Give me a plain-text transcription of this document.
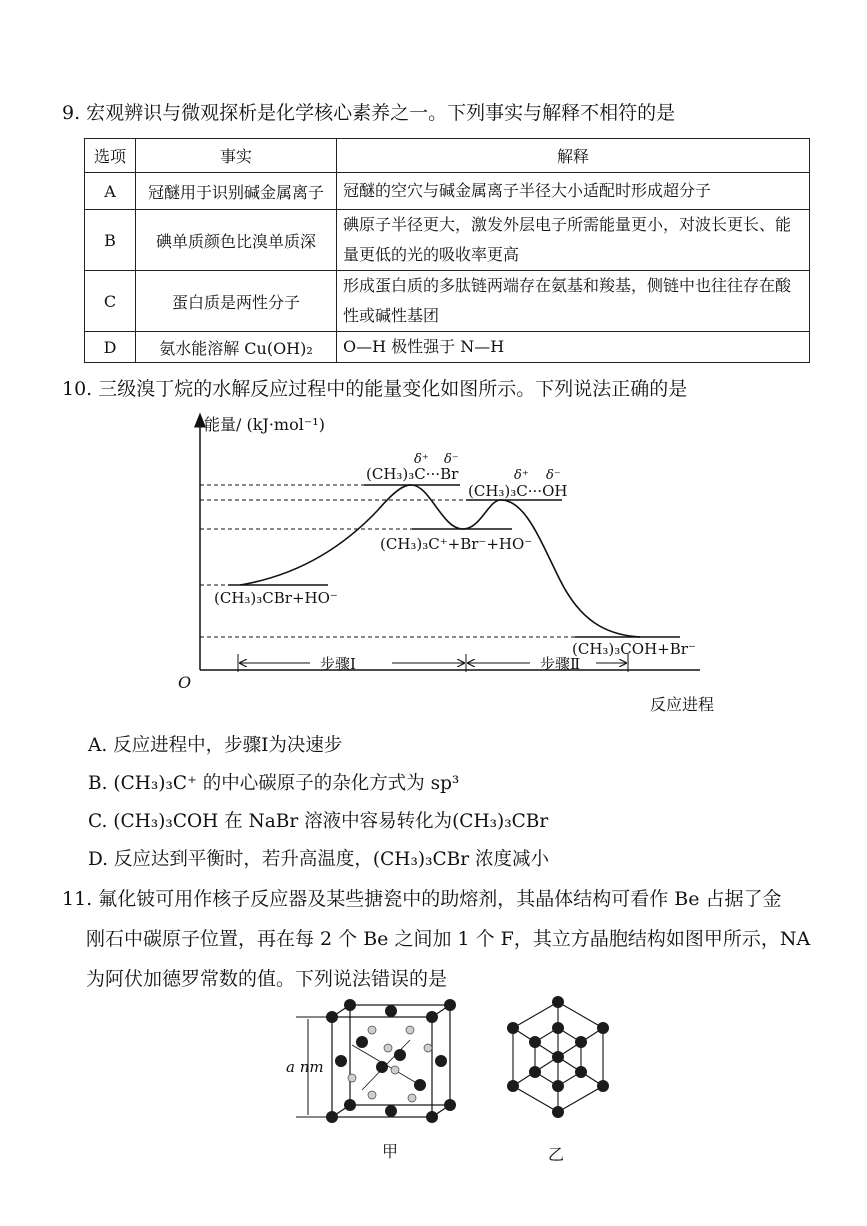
9. 宏观辨识与微观探析是化学核心素养之一。下列事实与解释不相符的是
选项	事实	解释
A	冠醚用于识别碱金属离子	冠醚的空穴与碱金属离子半径大小适配时形成超分子
B	碘单质颜色比溴单质深	碘原子半径更大，激发外层电子所需能量更小，对波长更长、能量更低的光的吸收率更高
C	蛋白质是两性分子	形成蛋白质的多肽链两端存在氨基和羧基，侧链中也往往存在酸性或碱性基团
D	氨水能溶解 Cu(OH)₂	O—H 极性强于 N—H
10. 三级溴丁烷的水解反应过程中的能量变化如图所示。下列说法正确的是
能量/ (kJ·mol⁻¹)
O
反应进程
(CH₃)₃C···Br
δ⁺ δ⁻
(CH₃)₃C···OH
δ⁺ δ⁻
(CH₃)₃C⁺+Br⁻+HO⁻
(CH₃)₃CBr+HO⁻
(CH₃)₃COH+Br⁻
步骤Ⅰ	步骤Ⅱ
A. 反应进程中，步骤Ⅰ为决速步
B. (CH₃)₃C⁺ 的中心碳原子的杂化方式为 sp³
C. (CH₃)₃COH 在 NaBr 溶液中容易转化为(CH₃)₃CBr
D. 反应达到平衡时，若升高温度，(CH₃)₃CBr 浓度减小
11. 氟化铍可用作核子反应器及某些搪瓷中的助熔剂，其晶体结构可看作 Be 占据了金
刚石中碳原子位置，再在每 2 个 Be 之间加 1 个 F，其立方晶胞结构如图甲所示，NA
为阿伏加德罗常数的值。下列说法错误的是
a nm
甲	乙
